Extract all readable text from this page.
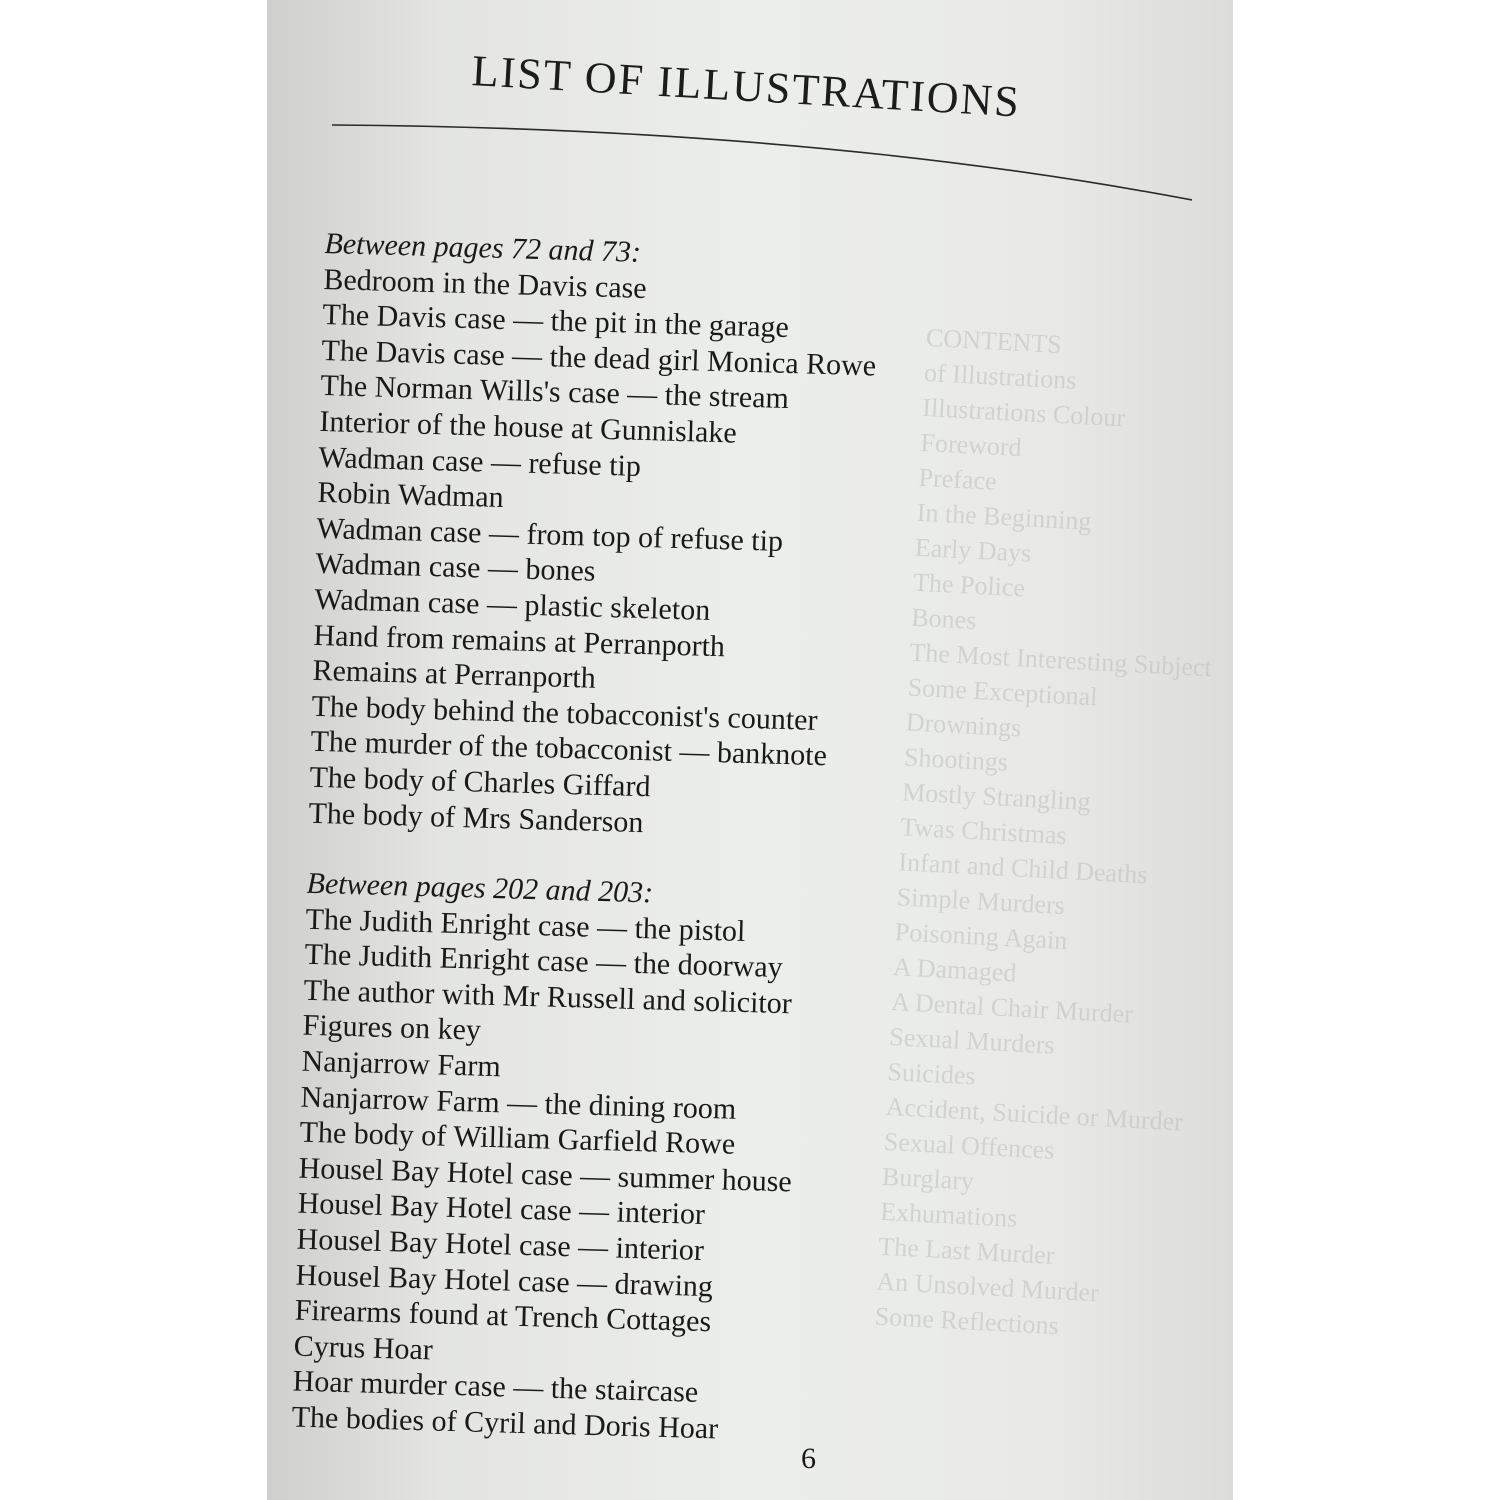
CONTENTS
of Illustrations
Illustrations Colour
Foreword
Preface
In the Beginning
Early Days
The Police
Bones
The Most Interesting Subject
Some Exceptional
Drownings
Shootings
Mostly Strangling
Twas Christmas
Infant and Child Deaths
Simple Murders
Poisoning Again
A Damaged
A Dental Chair Murder
Sexual Murders
Suicides
Accident, Suicide or Murder
Sexual Offences
Burglary
Exhumations
The Last Murder
An Unsolved Murder
Some Reflections
LIST OF ILLUSTRATIONS
Between pages 72 and 73:
Bedroom in the Davis case
The Davis case — the pit in the garage
The Davis case — the dead girl Monica Rowe
The Norman Wills's case — the stream
Interior of the house at Gunnislake
Wadman case — refuse tip
Robin Wadman
Wadman case — from top of refuse tip
Wadman case — bones
Wadman case — plastic skeleton
Hand from remains at Perranporth
Remains at Perranporth
The body behind the tobacconist's counter
The murder of the tobacconist — banknote
The body of Charles Giffard
The body of Mrs Sanderson
Between pages 202 and 203:
The Judith Enright case — the pistol
The Judith Enright case — the doorway
The author with Mr Russell and solicitor
Figures on key
Nanjarrow Farm
Nanjarrow Farm — the dining room
The body of William Garfield Rowe
Housel Bay Hotel case — summer house
Housel Bay Hotel case — interior
Housel Bay Hotel case — interior
Housel Bay Hotel case — drawing
Firearms found at Trench Cottages
Cyrus Hoar
Hoar murder case — the staircase
The bodies of Cyril and Doris Hoar
6
